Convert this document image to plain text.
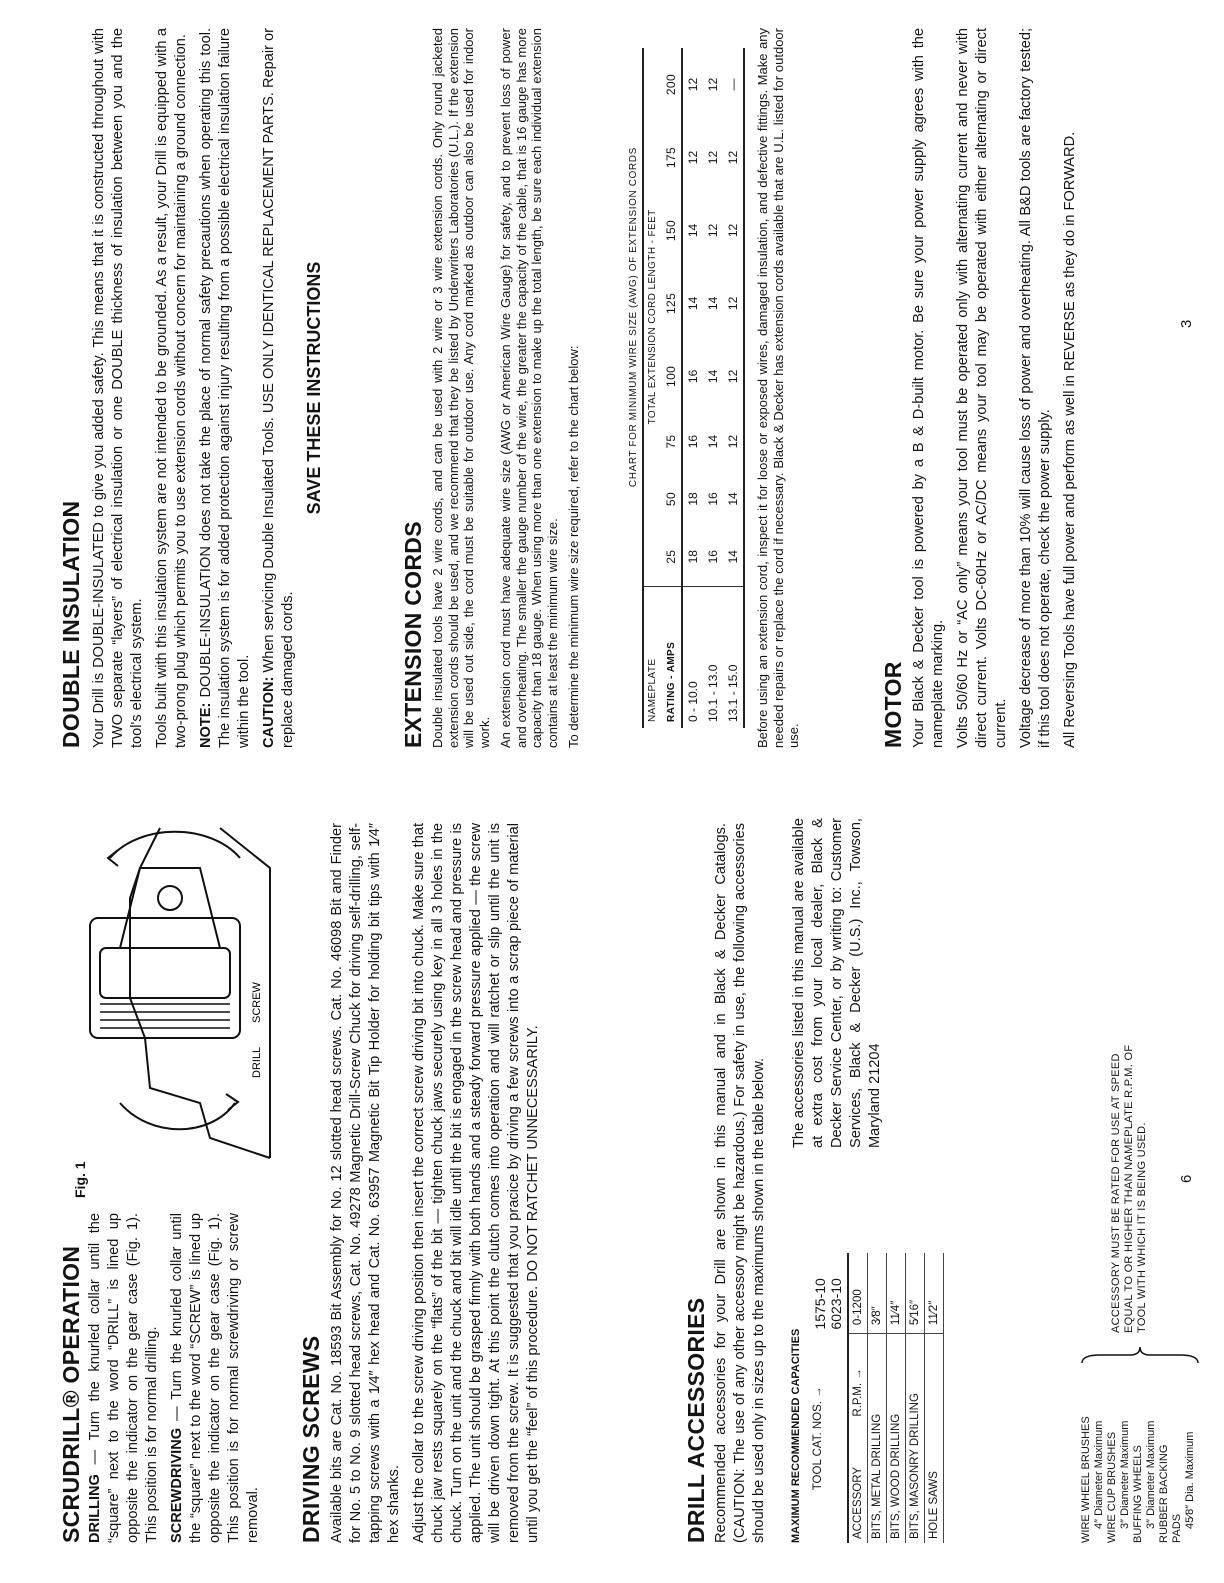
SCRUDRILL® OPERATION DRILLING — Turn the knurled collar until the “square” next to the word “DRILL” is lined up opposite the indicator on the gear case (Fig. 1). This position is for normal drilling. SCREWDRIVING — Turn the knurled collar until the “square” next to the word “SCREW” is lined up opposite the indicator on the gear case (Fig. 1). This position is for normal screwdriving or screw removal.

Fig. 1
DRILL
SCREW
DRIVING SCREWS Available bits are Cat. No. 18593 Bit Assembly for No. 12 slotted head screws. Cat. No. 46098 Bit and Finder for No. 5 to No. 9 slotted head screws, Cat. No. 49278 Magnetic Drill-Screw Chuck for driving self-drilling, self-tapping screws with a 1⁄4″ hex head and Cat. No. 63957 Magnetic Bit Tip Holder for holding bit tips with 1⁄4″ hex shanks. Adjust the collar to the screw driving position then insert the correct screw driving bit into chuck. Make sure that chuck jaw rests squarely on the “flats” of the bit — tighten chuck jaws securely using key in all 3 holes in the chuck. Turn on the unit and the chuck and bit will idle until the bit is engaged in the screw head and pressure is applied. The unit should be grasped firmly with both hands and a steady forward pressure applied — the screw will be driven down tight. At this point the clutch comes into operation and will ratchet or slip until the unit is removed from the screw. It is suggested that you pracice by driving a few screws into a scrap piece of material until you get the “feel” of this procedure. DO NOT RATCHET UNNECESSARILY.	DRILL ACCESSORIES Recommended accessories for your Drill are shown in this manual and in Black & Decker Catalogs. (CAUTION: The use of any other accessory might be hazardous.) For safety in use, the following accessories should be used only in sizes up to the maximums shown in the table below. MAXIMUM RECOMMENDED CAPACITIES TOOL CAT. NOS. →		1575-10
6023-10
ACCESSORY	R.P.M. →	0-1200
BITS, METAL DRILLING		3⁄8″
BITS, WOOD DRILLING		11⁄4″
BITS, MASONRY DRILLING		5⁄16″
HOLE SAWS		11⁄2″

The accessories listed in this manual are available at extra cost from your local dealer, Black & Decker Service Center, or by writing to: Customer Services, Black & Decker (U.S.) Inc., Towson, Maryland 21204

WIRE WHEEL BRUSHES 4″ Diameter Maximum WIRE CUP BRUSHES 3″ Diameter Maximum BUFFING WHEELS 3″ Diameter Maximum RUBBER BACKING PADS 45⁄8″ Dia. Maximum
ACCESSORY MUST BE RATED FOR USE AT SPEED EQUAL TO OR HIGHER THAN NAMEPLATE R.P.M. OF TOOL WITH WHICH IT IS BEING USED. 6
DOUBLE INSULATION Your Drill is DOUBLE-INSULATED to give you added safety. This means that it is constructed throughout with TWO separate “layers” of electrical insulation or one DOUBLE thickness of insulation between you and the tool's electrical system. Tools built with this insulation system are not intended to be grounded. As a result, your Drill is equipped with a two-prong plug which permits you to use extension cords without concern for maintaining a ground connection. NOTE: DOUBLE-INSULATION does not take the place of normal safety precautions when operating this tool. The insulation system is for added protection against injury resulting from a possible electrical insulation failure within the tool. CAUTION: When servicing Double Insulated Tools. USE ONLY IDENTICAL REPLACEMENT PARTS. Repair or replace damaged cords.

SAVE THESE INSTRUCTIONS
EXTENSION CORDS Double insulated tools have 2 wire cords, and can be used with 2 wire or 3 wire extension cords. Only round jacketed extension cords should be used, and we recommend that they be listed by Underwriters Laboratories (U.L.). If the extension will be used out side, the cord must be suitable for outdoor use. Any cord marked as outdoor can also be used for indoor work. An extension cord must have adequate wire size (AWG or American Wire Gauge) for safety, and to prevent loss of power and overheating. The smaller the gauge number of the wire, the greater the capacity of the cable, that is 16 gauge has more capacity than 18 gauge. When using more than one extension to make up the total length, be sure each individual extension contains at least the minimum wire size. To determine the minimum wire size required, refer to the chart below:

	CHART FOR MINIMUM WIRE SIZE (AWG) OF EXTENSION CORDS							
NAMEPLATE	TOTAL EXTENSION CORD LENGTH - FEET							
RATING - AMPS	25	50	75	100	125	150	175	200
0 - 10.0	18	18	16	16	14	14	12	12
10.1 - 13.0	16	16	14	14	14	12	12	12
13.1 - 15.0	14	14	12	12	12	12	12	— Before using an extension cord, inspect it for loose or exposed wires, damaged insulation, and defective fittings. Make any needed repairs or replace the cord if necessary. Black & Decker has extension cords available that are U.L. listed for outdoor use.	MOTOR Your Black & Decker tool is powered by a B & D-built motor. Be sure your power supply agrees with the nameplate marking. Volts 50/60 Hz or “AC only” means your tool must be operated only with alternating current and never with direct current. Volts DC-60Hz or AC/DC means your tool may be operated with either alternating or direct current. Voltage decrease of more than 10% will cause loss of power and overheating. All B&D tools are factory tested; if this tool does not operate, check the power supply. All Reversing Tools have full power and perform as well in REVERSE as they do in FORWARD.	3
